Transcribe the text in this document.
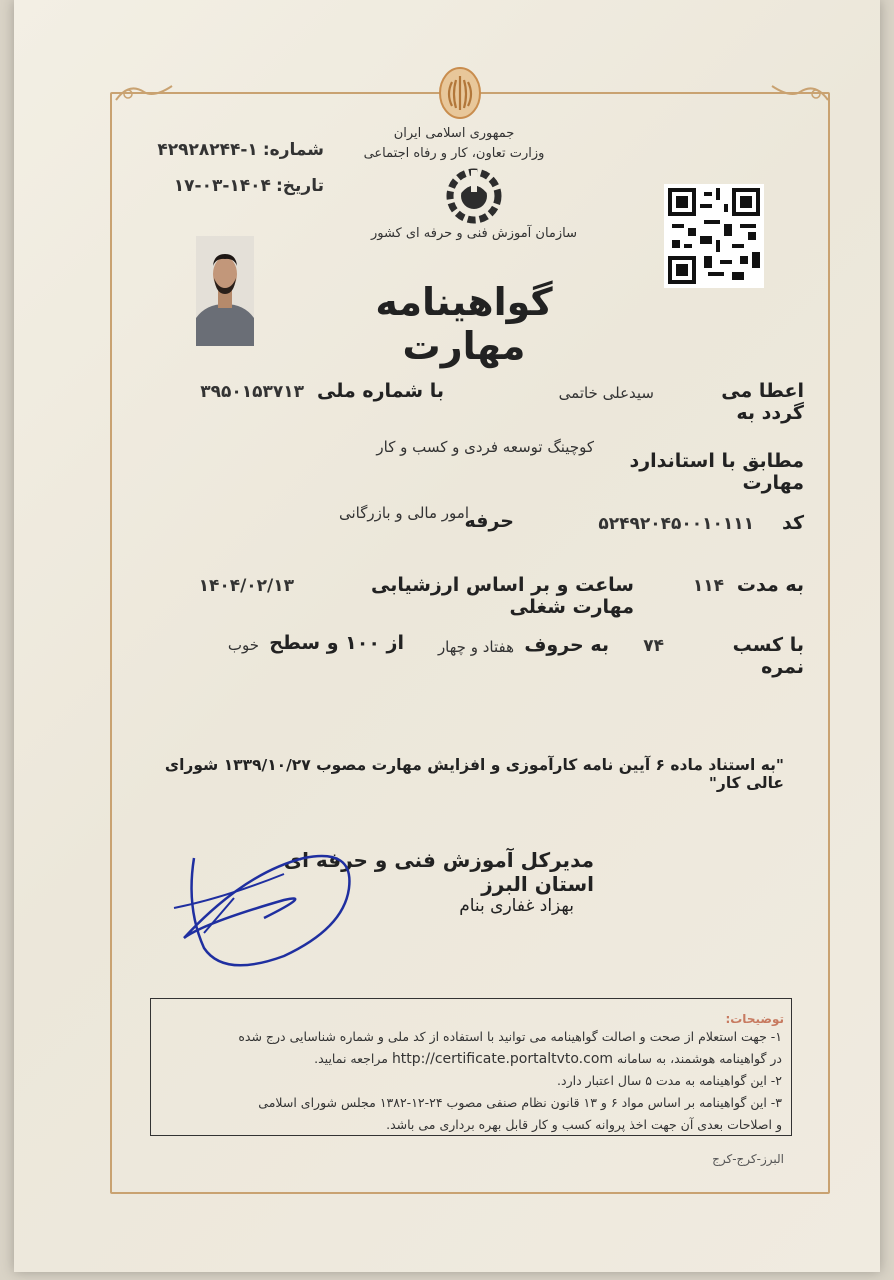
جمهوری اسلامی ایران
وزارت تعاون، کار و رفاه اجتماعی
سازمان آموزش فنی و حرفه ای کشور
شماره: ۱-۴۲۹۲۸۲۴۴
تاریخ: ۱۴۰۴-۰۳-۱۷
گواهینامه مهارت
اعطا می گردد به
سیدعلی خاتمی
با شماره ملی
۳۹۵۰۱۵۳۷۱۳
کوچینگ توسعه فردی و کسب و کار
مطابق با استاندارد مهارت
کد
۵۲۴۹۲۰۴۵۰۰۱۰۱۱۱
حرفه
امور مالی و بازرگانی
به مدت
۱۱۴
ساعت و بر اساس ارزشیابی مهارت شغلی
۱۴۰۴/۰۲/۱۳
با کسب نمره
۷۴
به حروف
هفتاد و چهار
از ۱۰۰ و سطح
خوب
"به استناد ماده ۶ آیین نامه کارآموزی و افزایش مهارت مصوب ۱۳۳۹/۱۰/۲۷ شورای عالی کار"
مدیرکل آموزش فنی و حرفه ای استان البرز
بهزاد غفاری بنام
توضیحات:
۱- جهت استعلام از صحت و اصالت گواهینامه می توانید با استفاده از کد ملی و شماره شناسایی درج شده
در گواهینامه هوشمند، به سامانه http://certificate.portaltvto.com مراجعه نمایید.
۲- این گواهینامه به مدت ۵ سال اعتبار دارد.
۳- این گواهینامه بر اساس مواد ۶ و ۱۳ قانون نظام صنفی مصوب ۲۴-۱۲-۱۳۸۲ مجلس شورای اسلامی
و اصلاحات بعدی آن جهت اخذ پروانه کسب و کار قابل بهره برداری می باشد.
البرز-کرج-کرج
